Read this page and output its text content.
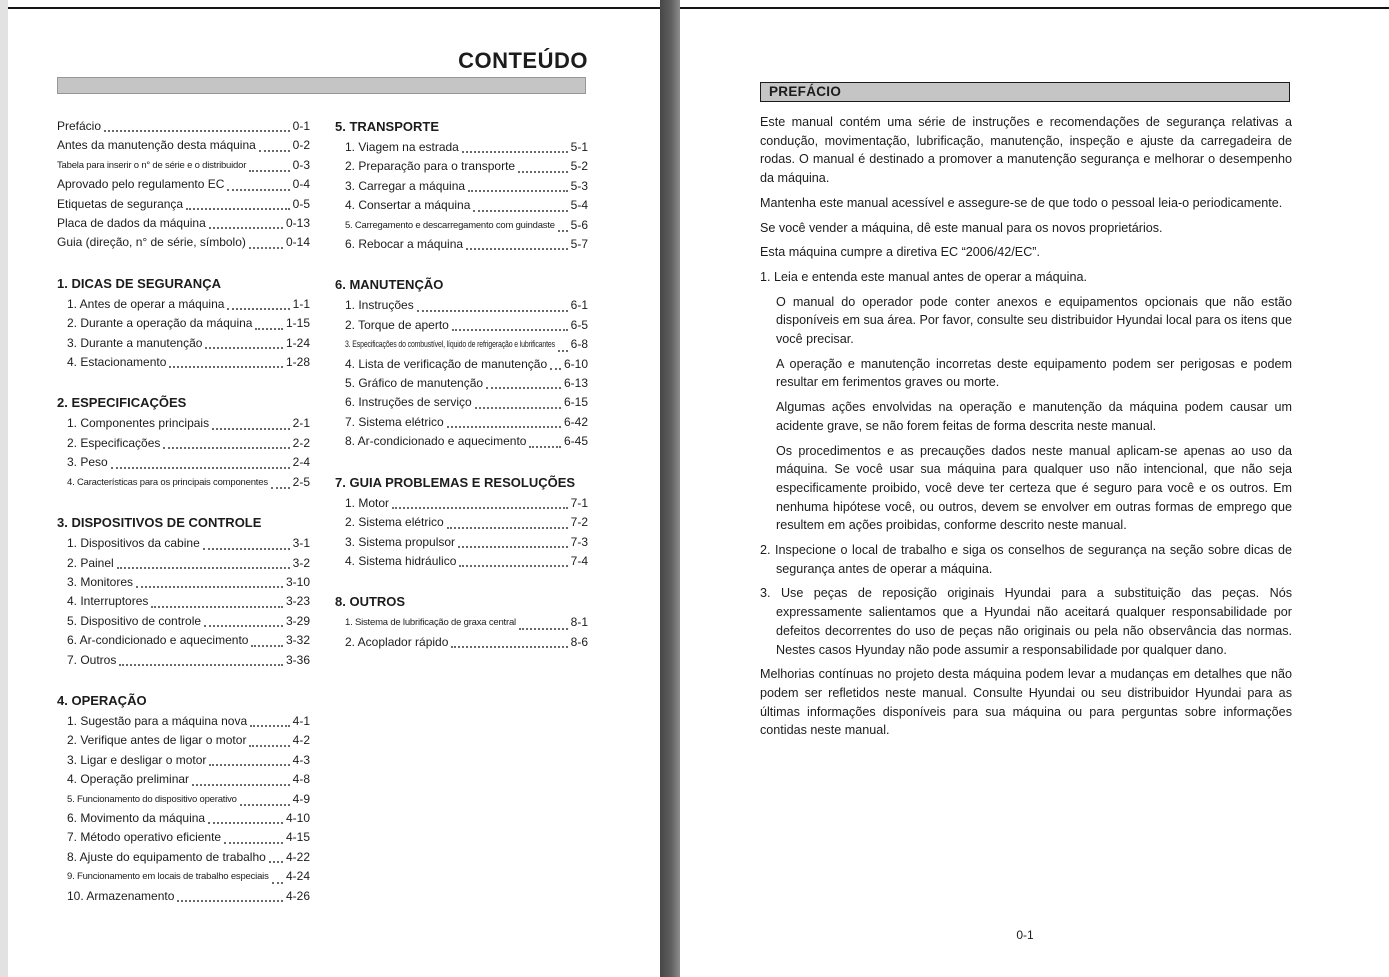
CONTEÚDO
Prefácio	0-1
Antes da manutenção desta máquina	0-2
Tabela para inserir o n° de série e o distribuidor	0-3
Aprovado pelo regulamento EC	0-4
Etiquetas de segurança	0-5
Placa de dados da máquina	0-13
Guia (direção, n° de série, símbolo)	0-14
1. DICAS DE SEGURANÇA
1. Antes de operar a máquina	1-1
2. Durante a operação da máquina	1-15
3. Durante a manutenção	1-24
4. Estacionamento	1-28
2. ESPECIFICAÇÕES
1. Componentes principais	2-1
2. Especificações	2-2
3. Peso	2-4
4. Características para os principais componentes 2-5
3. DISPOSITIVOS DE CONTROLE
1. Dispositivos da cabine	3-1
2. Painel	3-2
3. Monitores	3-10
4. Interruptores	3-23
5. Dispositivo de controle	3-29
6. Ar-condicionado e aquecimento	3-32
7. Outros	3-36
4. OPERAÇÃO
1. Sugestão para a máquina nova	4-1
2. Verifique antes de ligar o motor	4-2
3. Ligar e desligar o motor	4-3
4. Operação preliminar	4-8
5. Funcionamento do dispositivo operativo	4-9
6. Movimento da máquina	4-10
7. Método operativo eficiente	4-15
8. Ajuste do equipamento de trabalho 4-22
9. Funcionamento em locais de trabalho especiais 4-24
10. Armazenamento	4-26
5. TRANSPORTE
1. Viagem na estrada	5-1
2. Preparação para o transporte	5-2
3. Carregar a máquina	5-3
4. Consertar a máquina	5-4
5. Carregamento e descarregamento com guindaste 5-6
6. Rebocar a máquina	5-7
6. MANUTENÇÃO
1. Instruções	6-1
2. Torque de aperto	6-5
3. Especificações do combustível, líquido de refrigeração e lubrificantes 6-8
4. Lista de verificação de manutenção 6-10
5. Gráfico de manutenção	6-13
6. Instruções de serviço	6-15
7. Sistema elétrico	6-42
8. Ar-condicionado e aquecimento	6-45
7. GUIA PROBLEMAS E RESOLUÇÕES
1. Motor	7-1
2. Sistema elétrico	7-2
3. Sistema propulsor	7-3
4. Sistema hidráulico	7-4
8. OUTROS
1. Sistema de lubrificação de graxa central	8-1
2. Acoplador rápido	8-6
PREFÁCIO
Este manual contém uma série de instruções e recomendações de segurança relativas a condução, movimentação, lubrificação, manutenção, inspeção e ajuste da carregadeira de rodas. O manual é destinado a promover a manutenção segurança e melhorar o desempenho da máquina.
Mantenha este manual acessível e assegure-se de que todo o pessoal leia-o periodicamente.
Se você vender a máquina, dê este manual para os novos proprietários.
Esta máquina cumpre a diretiva EC “2006/42/EC”.
1. Leia e entenda este manual antes de operar a máquina.
O manual do operador pode conter anexos e equipamentos opcionais que não estão disponíveis em sua área. Por favor, consulte seu distribuidor Hyundai local para os itens que você precisar.
A operação e manutenção incorretas deste equipamento podem ser perigosas e podem resultar em ferimentos graves ou morte.
Algumas ações envolvidas na operação e manutenção da máquina podem causar um acidente grave, se não forem feitas de forma descrita neste manual.
Os procedimentos e as precauções dados neste manual aplicam-se apenas ao uso da máquina. Se você usar sua máquina para qualquer uso não intencional, que não seja especificamente proibido, você deve ter certeza que é seguro para você e os outros. Em nenhuma hipótese você, ou outros, devem se envolver em outras formas de emprego que resultem em ações proibidas, conforme descrito neste manual.
2. Inspecione o local de trabalho e siga os conselhos de segurança na seção sobre dicas de segurança antes de operar a máquina.
3. Use peças de reposição originais Hyundai para a substituição das peças. Nós expressamente salientamos que a Hyundai não aceitará qualquer responsabilidade por defeitos decorrentes do uso de peças não originais ou pela não observância das normas. Nestes casos Hyunday não pode assumir a responsabilidade por qualquer dano.
Melhorias contínuas no projeto desta máquina podem levar a mudanças em detalhes que não podem ser refletidos neste manual. Consulte Hyundai ou seu distribuidor Hyundai para as últimas informações disponíveis para sua máquina ou para perguntas sobre informações contidas neste manual.
0-1
